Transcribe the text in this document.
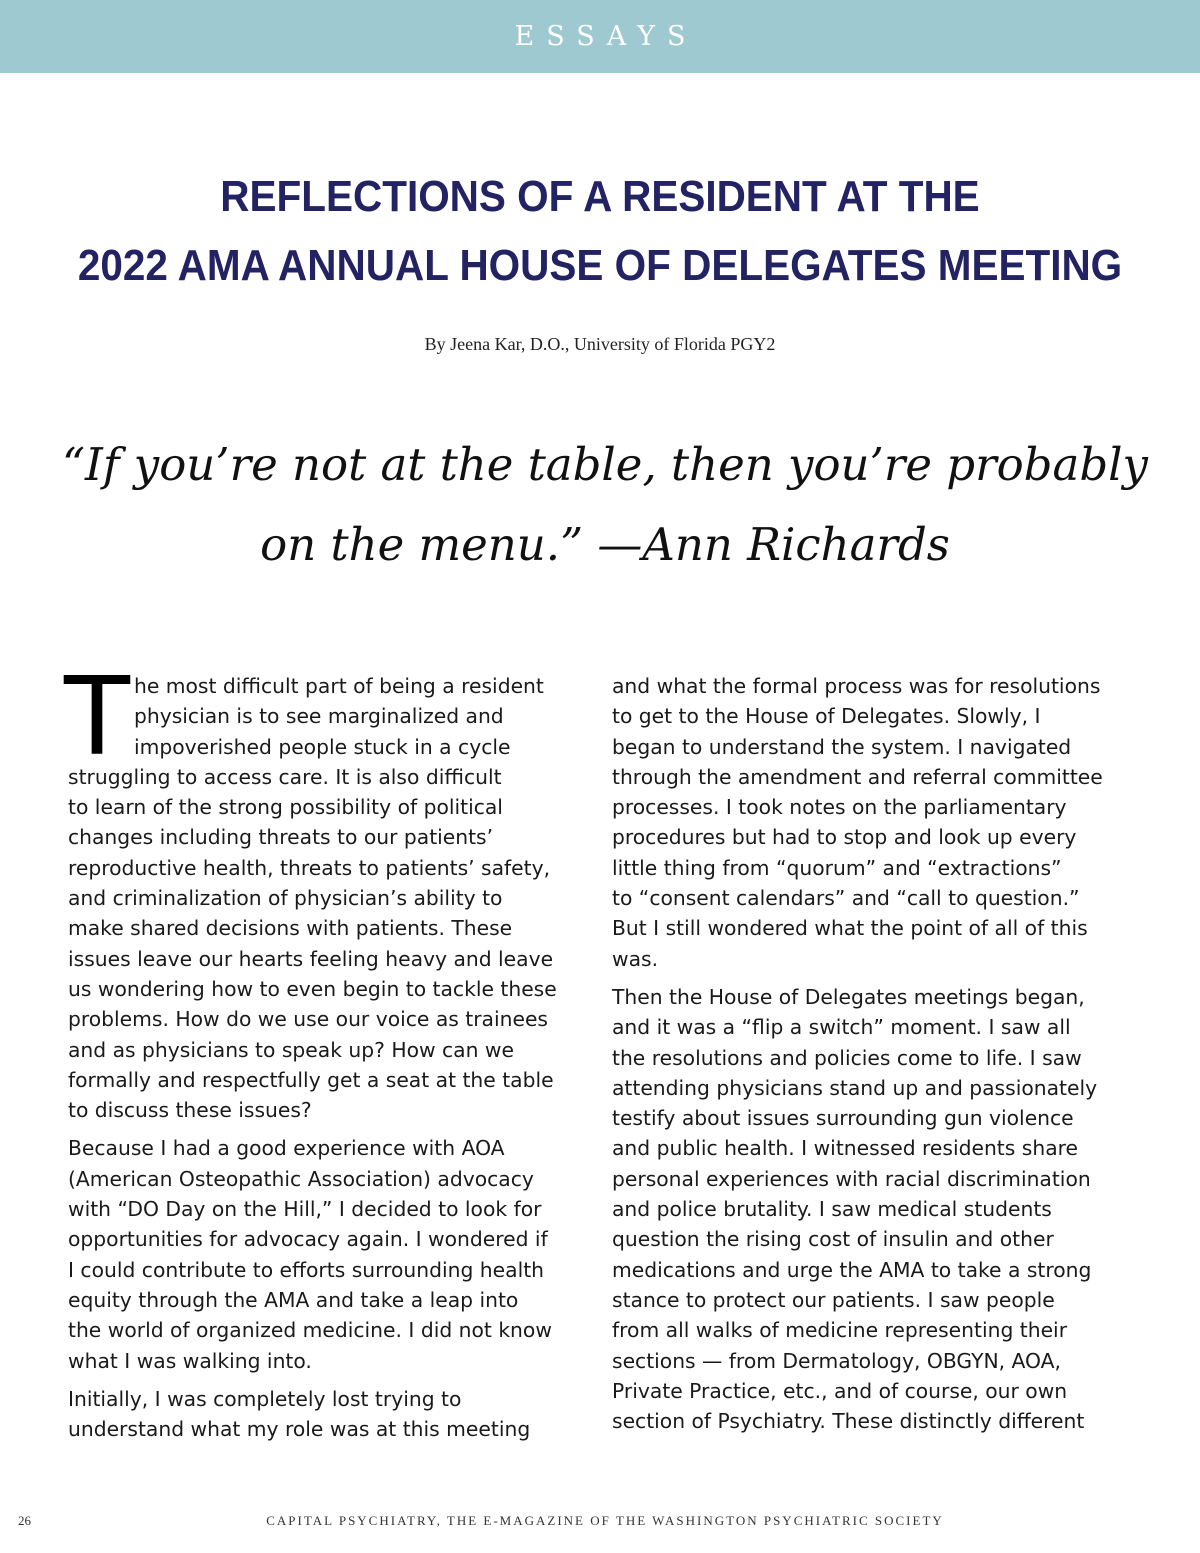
ESSAYS
REFLECTIONS OF A RESIDENT AT THE
2022 AMA ANNUAL HOUSE OF DELEGATES MEETING
By Jeena Kar, D.O., University of Florida PGY2
“If you’re not at the table, then you’re probably
on the menu.” —Ann Richards

T he most difficult part of being a resident
physician is to see marginalized and
impoverished people stuck in a cycle
struggling to access care. It is also difficult
to learn of the strong possibility of political
changes including threats to our patients’
reproductive health, threats to patients’ safety,
and criminalization of physician’s ability to
make shared decisions with patients. These
issues leave our hearts feeling heavy and leave
us wondering how to even begin to tackle these
problems. How do we use our voice as trainees
and as physicians to speak up? How can we
formally and respectfully get a seat at the table
to discuss these issues?

Because I had a good experience with AOA
(American Osteopathic Association) advocacy
with “DO Day on the Hill,” I decided to look for
opportunities for advocacy again. I wondered if
I could contribute to efforts surrounding health
equity through the AMA and take a leap into
the world of organized medicine. I did not know
what I was walking into.

Initially, I was completely lost trying to
understand what my role was at this meeting

and what the formal process was for resolutions
to get to the House of Delegates. Slowly, I
began to understand the system. I navigated
through the amendment and referral committee
processes. I took notes on the parliamentary
procedures but had to stop and look up every
little thing from “quorum” and “extractions”
to “consent calendars” and “call to question.”
But I still wondered what the point of all of this
was.

Then the House of Delegates meetings began,
and it was a “flip a switch” moment. I saw all
the resolutions and policies come to life. I saw
attending physicians stand up and passionately
testify about issues surrounding gun violence
and public health. I witnessed residents share
personal experiences with racial discrimination
and police brutality. I saw medical students
question the rising cost of insulin and other
medications and urge the AMA to take a strong
stance to protect our patients. I saw people
from all walks of medicine representing their
sections — from Dermatology, OBGYN, AOA,
Private Practice, etc., and of course, our own
section of Psychiatry. These distinctly different

26	CAPITAL PSYCHIATRY, THE E-MAGAZINE OF THE WASHINGTON PSYCHIATRIC SOCIETY
